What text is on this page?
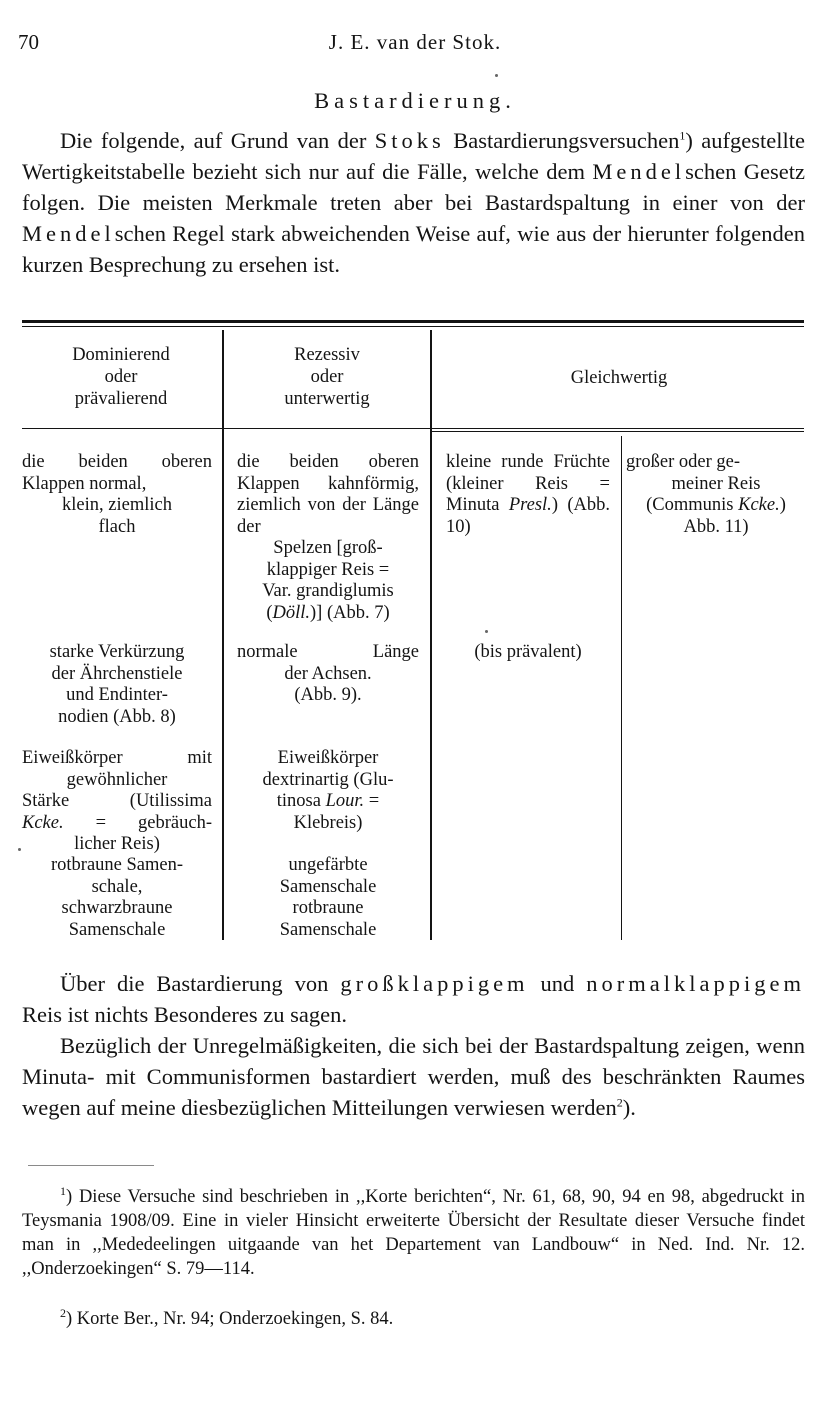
70	J. E. van der Stok.
Bastardierung.
Die folgende, auf Grund van der Stoks Bastardierungsversuchen$^1$) aufgestellte Wertigkeitstabelle bezieht sich nur auf die Fälle, welche dem Mendelschen Gesetz folgen. Die meisten Merkmale treten aber bei Bastardspaltung in einer von der Mendelschen Regel stark abweichenden Weise auf, wie aus der hierunter folgenden kurzen Besprechung zu ersehen ist.
Dominierend
oder
prävalierend
Rezessiv
oder
unterwertig
Gleichwertig
die beiden oberen Klappen normal,
klein, ziemlich
flach
die beiden oberen Klappen kahnförmig, ziemlich von der Länge der
Spelzen [groß-
klappiger Reis =
Var. grandiglumis
(Döll.)] (Abb. 7)
kleine runde Früchte (kleiner Reis = Minuta Presl.) (Abb. 10)
großer oder ge-
meiner Reis
(Communis Kcke.)
Abb. 11)
starke Verkürzung
der Ährchenstiele
und Endinter-
nodien (Abb. 8)
normale Länge
der Achsen.
(Abb. 9).
(bis prävalent)
Eiweißkörper mit
gewöhnlicher
Stärke (Utilissima
Kcke. = gebräuch-
licher Reis)
Eiweißkörper
dextrinartig (Glu-
tinosa Lour. =
Klebreis)
rotbraune Samen-
schale,
schwarzbraune
Samenschale
ungefärbte
Samenschale
rotbraune
Samenschale
Über die Bastardierung von großklappigem und normalklappigem Reis ist nichts Besonderes zu sagen.
Bezüglich der Unregelmäßigkeiten, die sich bei der Bastardspaltung zeigen, wenn Minuta- mit Communisformen bastardiert werden, muß des beschränkten Raumes wegen auf meine diesbezüglichen Mitteilungen verwiesen werden$^2$).
$^1$) Diese Versuche sind beschrieben in ,,Korte berichten“, Nr. 61, 68, 90, 94 en 98, abgedruckt in Teysmania 1908/09. Eine in vieler Hinsicht erweiterte Übersicht der Resultate dieser Versuche findet man in ,,Mededeelingen uitgaande van het Departement van Landbouw“ in Ned. Ind. Nr. 12. ,,Onderzoekingen“ S. 79—114.
$^2$) Korte Ber., Nr. 94; Onderzoekingen, S. 84.
